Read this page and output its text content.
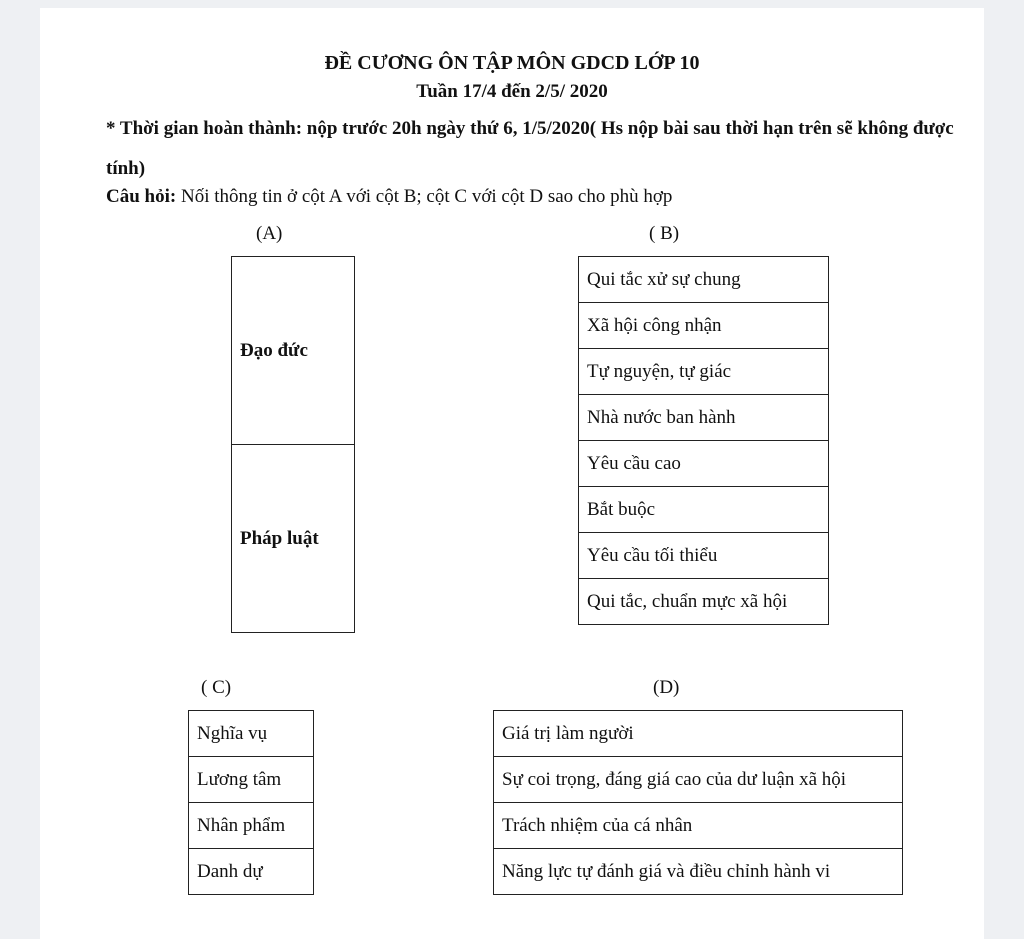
ĐỀ CƯƠNG ÔN TẬP MÔN GDCD LỚP 10
Tuần 17/4 đến 2/5/ 2020
* Thời gian hoàn thành: nộp trước 20h ngày thứ 6, 1/5/2020( Hs nộp bài sau thời hạn trên sẽ không được tính)
Câu hỏi: Nối thông tin ở cột A với cột B; cột C với cột D sao cho phù hợp
(A)	( B)
Đạo đức
Pháp luật
Qui tắc xử sự chung
Xã hội công nhận
Tự nguyện, tự giác
Nhà nước ban hành
Yêu cầu cao
Bắt buộc
Yêu cầu tối thiểu
Qui tắc, chuẩn mực xã hội
( C)	(D)
Nghĩa vụ
Lương tâm
Nhân phẩm
Danh dự
Giá trị làm người
Sự coi trọng, đáng giá cao của dư luận xã hội
Trách nhiệm của cá nhân
Năng lực tự đánh giá và điều chỉnh hành vi
